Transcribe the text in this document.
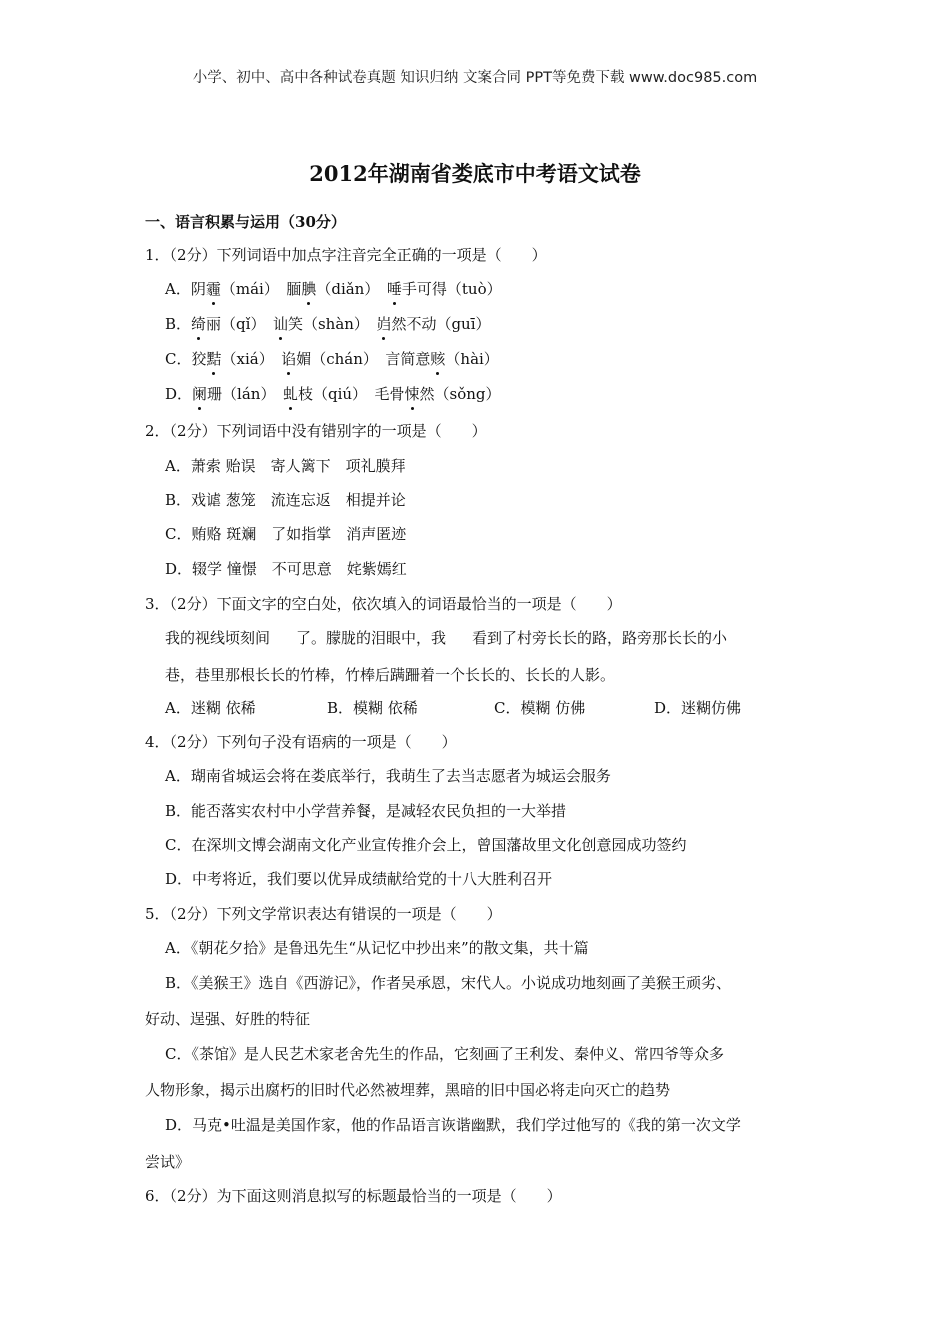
小学、初中、高中各种试卷真题 知识归纳 文案合同 PPT等免费下载 www.doc985.com
2012年湖南省娄底市中考语文试卷
一、语言积累与运用（30分）
1．（2分）下列词语中加点字注音完全正确的一项是（　　）
A．阴霾（mái）　腼腆（diǎn）　唾手可得（tuò）
B．绮丽（qǐ）　讪笑（shàn）　岿然不动（guī）
C．狡黠（xiá）　谄媚（chán）　言简意赅（hài）
D．阑珊（lán）　虬枝（qiú）　毛骨悚然（sǒng）
2．（2分）下列词语中没有错别字的一项是（　　）
A．萧索 贻误　寄人篱下　项礼膜拜
B．戏谑 葱笼　流连忘返　相提并论
C．贿赂 斑斓　了如指掌　消声匿迹
D．辍学 憧憬　不可思意　姹紫嫣红
3．（2分）下面文字的空白处，依次填入的词语最恰当的一项是（　　）
我的视线顷刻间 了。朦胧的泪眼中，我 看到了村旁长长的路，路旁那长长的小
巷，巷里那根长长的竹棒，竹棒后蹒跚着一个长长的、长长的人影。
A．迷糊 依稀	B．模糊 依稀	C．模糊 仿佛	D．迷糊仿佛
4．（2分）下列句子没有语病的一项是（　　）
A．瑚南省城运会将在娄底举行，我萌生了去当志愿者为城运会服务
B．能否落实农村中小学营养餐，是减轻农民负担的一大举措
C．在深圳文博会湖南文化产业宣传推介会上，曾国藩故里文化创意园成功签约
D．中考将近，我们要以优异成绩献给党的十八大胜利召开
5．（2分）下列文学常识表达有错误的一项是（　　）
A．《朝花夕拾》是鲁迅先生“从记忆中抄出来”的散文集，共十篇
B．《美猴王》选自《西游记》，作者吴承恩，宋代人。小说成功地刻画了美猴王顽劣、
好动、逞强、好胜的特征
C．《茶馆》是人民艺术家老舍先生的作品，它刻画了王利发、秦仲义、常四爷等众多
人物形象，揭示出腐朽的旧时代必然被埋葬，黑暗的旧中国必将走向灭亡的趋势
D．马克•吐温是美国作家，他的作品语言诙谐幽默，我们学过他写的《我的第一次文学
尝试》
6．（2分）为下面这则消息拟写的标题最恰当的一项是（　　）
